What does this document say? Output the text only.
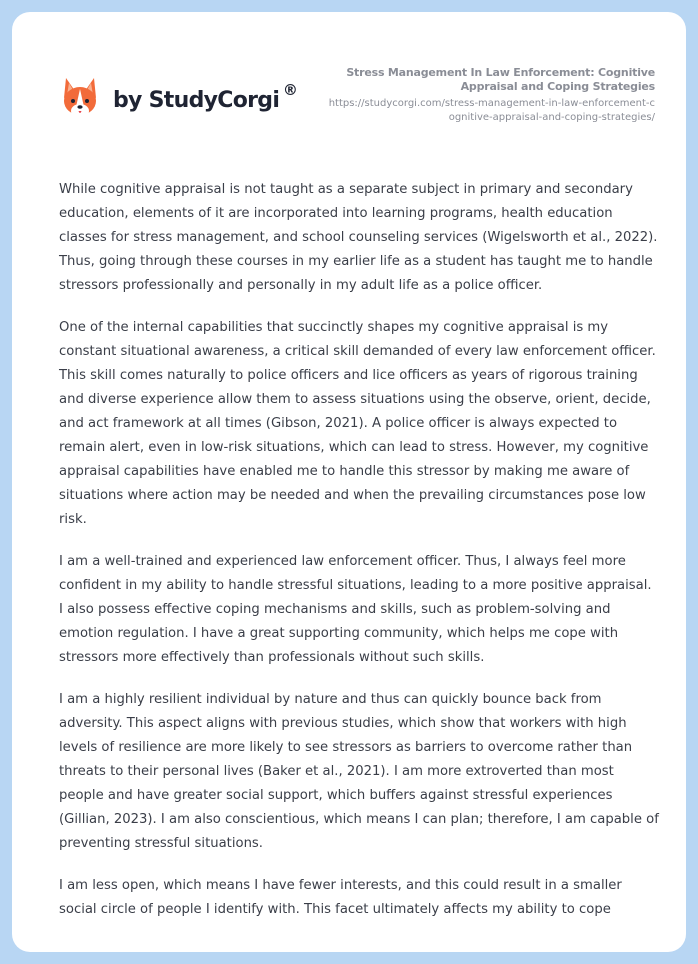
by StudyCorgi ®
Stress Management In Law Enforcement: Cognitive Appraisal and Coping Strategies
https://studycorgi.com/stress-management-in-law-enforcement-cognitive-appraisal-and-coping-strategies/

While cognitive appraisal is not taught as a separate subject in primary and secondary education, elements of it are incorporated into learning programs, health education classes for stress management, and school counseling services (Wigelsworth et al., 2022). Thus, going through these courses in my earlier life as a student has taught me to handle stressors professionally and personally in my adult life as a police officer.

One of the internal capabilities that succinctly shapes my cognitive appraisal is my constant situational awareness, a critical skill demanded of every law enforcement officer. This skill comes naturally to police officers and lice officers as years of rigorous training and diverse experience allow them to assess situations using the observe, orient, decide, and act framework at all times (Gibson, 2021). A police officer is always expected to remain alert, even in low-risk situations, which can lead to stress. However, my cognitive appraisal capabilities have enabled me to handle this stressor by making me aware of situations where action may be needed and when the prevailing circumstances pose low risk.

I am a well-trained and experienced law enforcement officer. Thus, I always feel more confident in my ability to handle stressful situations, leading to a more positive appraisal. I also possess effective coping mechanisms and skills, such as problem-solving and emotion regulation. I have a great supporting community, which helps me cope with stressors more effectively than professionals without such skills.

I am a highly resilient individual by nature and thus can quickly bounce back from adversity. This aspect aligns with previous studies, which show that workers with high levels of resilience are more likely to see stressors as barriers to overcome rather than threats to their personal lives (Baker et al., 2021). I am more extroverted than most people and have greater social support, which buffers against stressful experiences (Gillian, 2023). I am also conscientious, which means I can plan; therefore, I am capable of preventing stressful situations.

I am less open, which means I have fewer interests, and this could result in a smaller social circle of people I identify with. This facet ultimately affects my ability to cope
